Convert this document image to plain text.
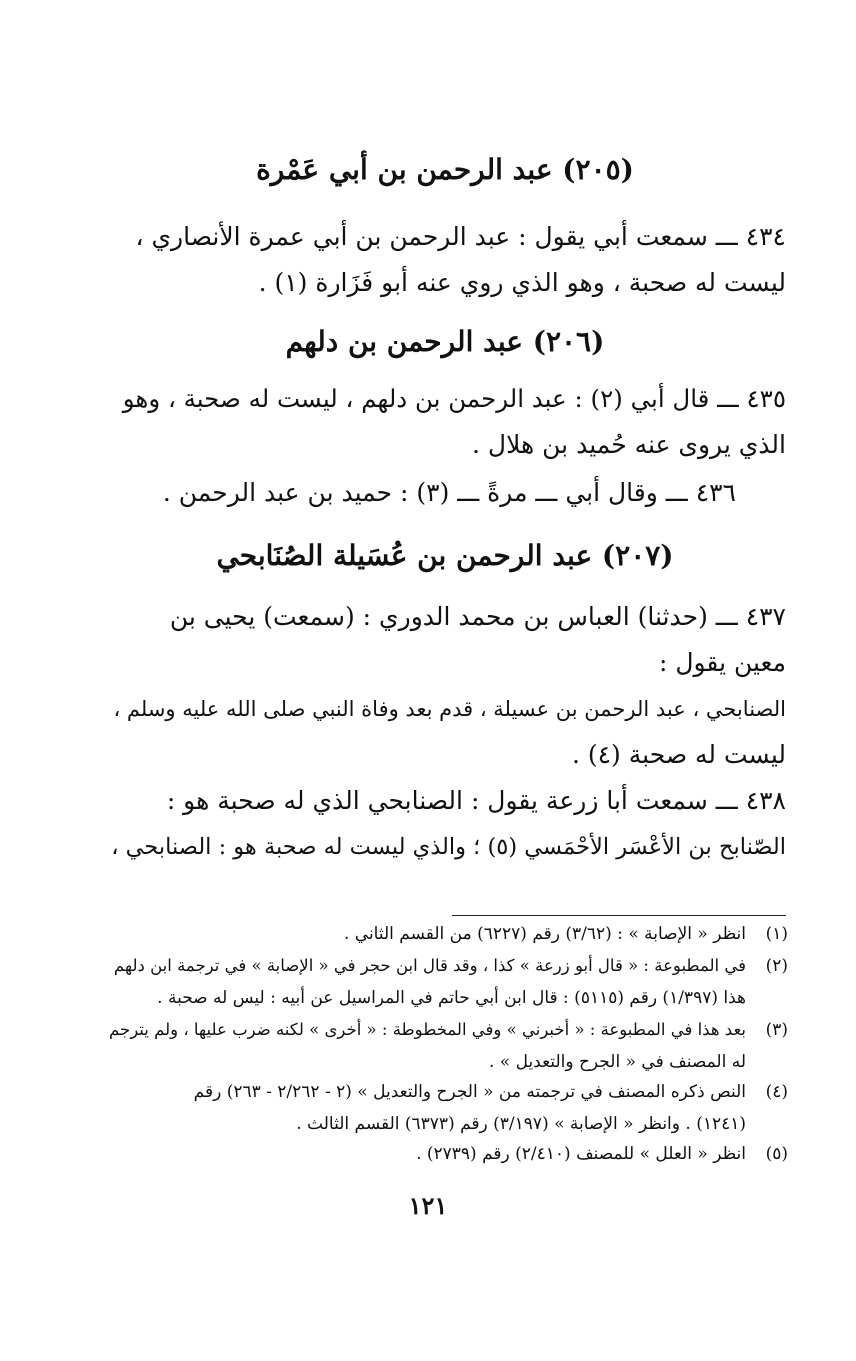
(٢٠٥) عبد الرحمن بن أبي عَمْرة
٤٣٤ ـــ سمعت أبي يقول : عبد الرحمن بن أبي عمرة الأنصاري ،
ليست له صحبة ، وهو الذي روي عنه أبو فَزَارة (١) .
(٢٠٦) عبد الرحمن بن دلهم
٤٣٥ ـــ قال أبي (٢) : عبد الرحمن بن دلهم ، ليست له صحبة ، وهو
الذي يروى عنه حُميد بن هلال .
٤٣٦ ـــ وقال أبي ـــ مرةً ـــ (٣) : حميد بن عبد الرحمن .
(٢٠٧) عبد الرحمن بن عُسَيلة الصُنَابحي
٤٣٧ ـــ (حدثنا) العباس بن محمد الدوري : (سمعت) يحيى بن
معين يقول :
الصنابحي ، عبد الرحمن بن عسيلة ، قدم بعد وفاة النبي صلى الله عليه وسلم ،
ليست له صحبة (٤) .
٤٣٨ ـــ سمعت أبا زرعة يقول : الصنابحي الذي له صحبة هو :
الصّنابح بن الأعْسَر الأحْمَسي (٥) ؛ والذي ليست له صحبة هو : الصنابحي ،
(١)
انظر « الإصابة » : (٣/٦٢) رقم (٦٢٢٧) من القسم الثاني .
(٢)
في المطبوعة : « قال أبو زرعة » كذا ، وقد قال ابن حجر في « الإصابة » في ترجمة ابن دلهم
هذا (١/٣٩٧) رقم (٥١١٥) : قال ابن أبي حاتم في المراسيل عن أبيه : ليس له صحبة .
(٣)
بعد هذا في المطبوعة : « أخبرني » وفي المخطوطة : « أخرى » لكنه ضرب عليها ، ولم يترجم
له المصنف في « الجرح والتعديل » .
(٤)
النص ذكره المصنف في ترجمته من « الجرح والتعديل » (٢ - ٢/٢٦٢ - ٢٦٣) رقم
(١٢٤١) . وانظر « الإصابة » (٣/١٩٧) رقم (٦٣٧٣) القسم الثالث .
(٥)
انظر « العلل » للمصنف (٢/٤١٠) رقم (٢٧٣٩) .
١٢١
